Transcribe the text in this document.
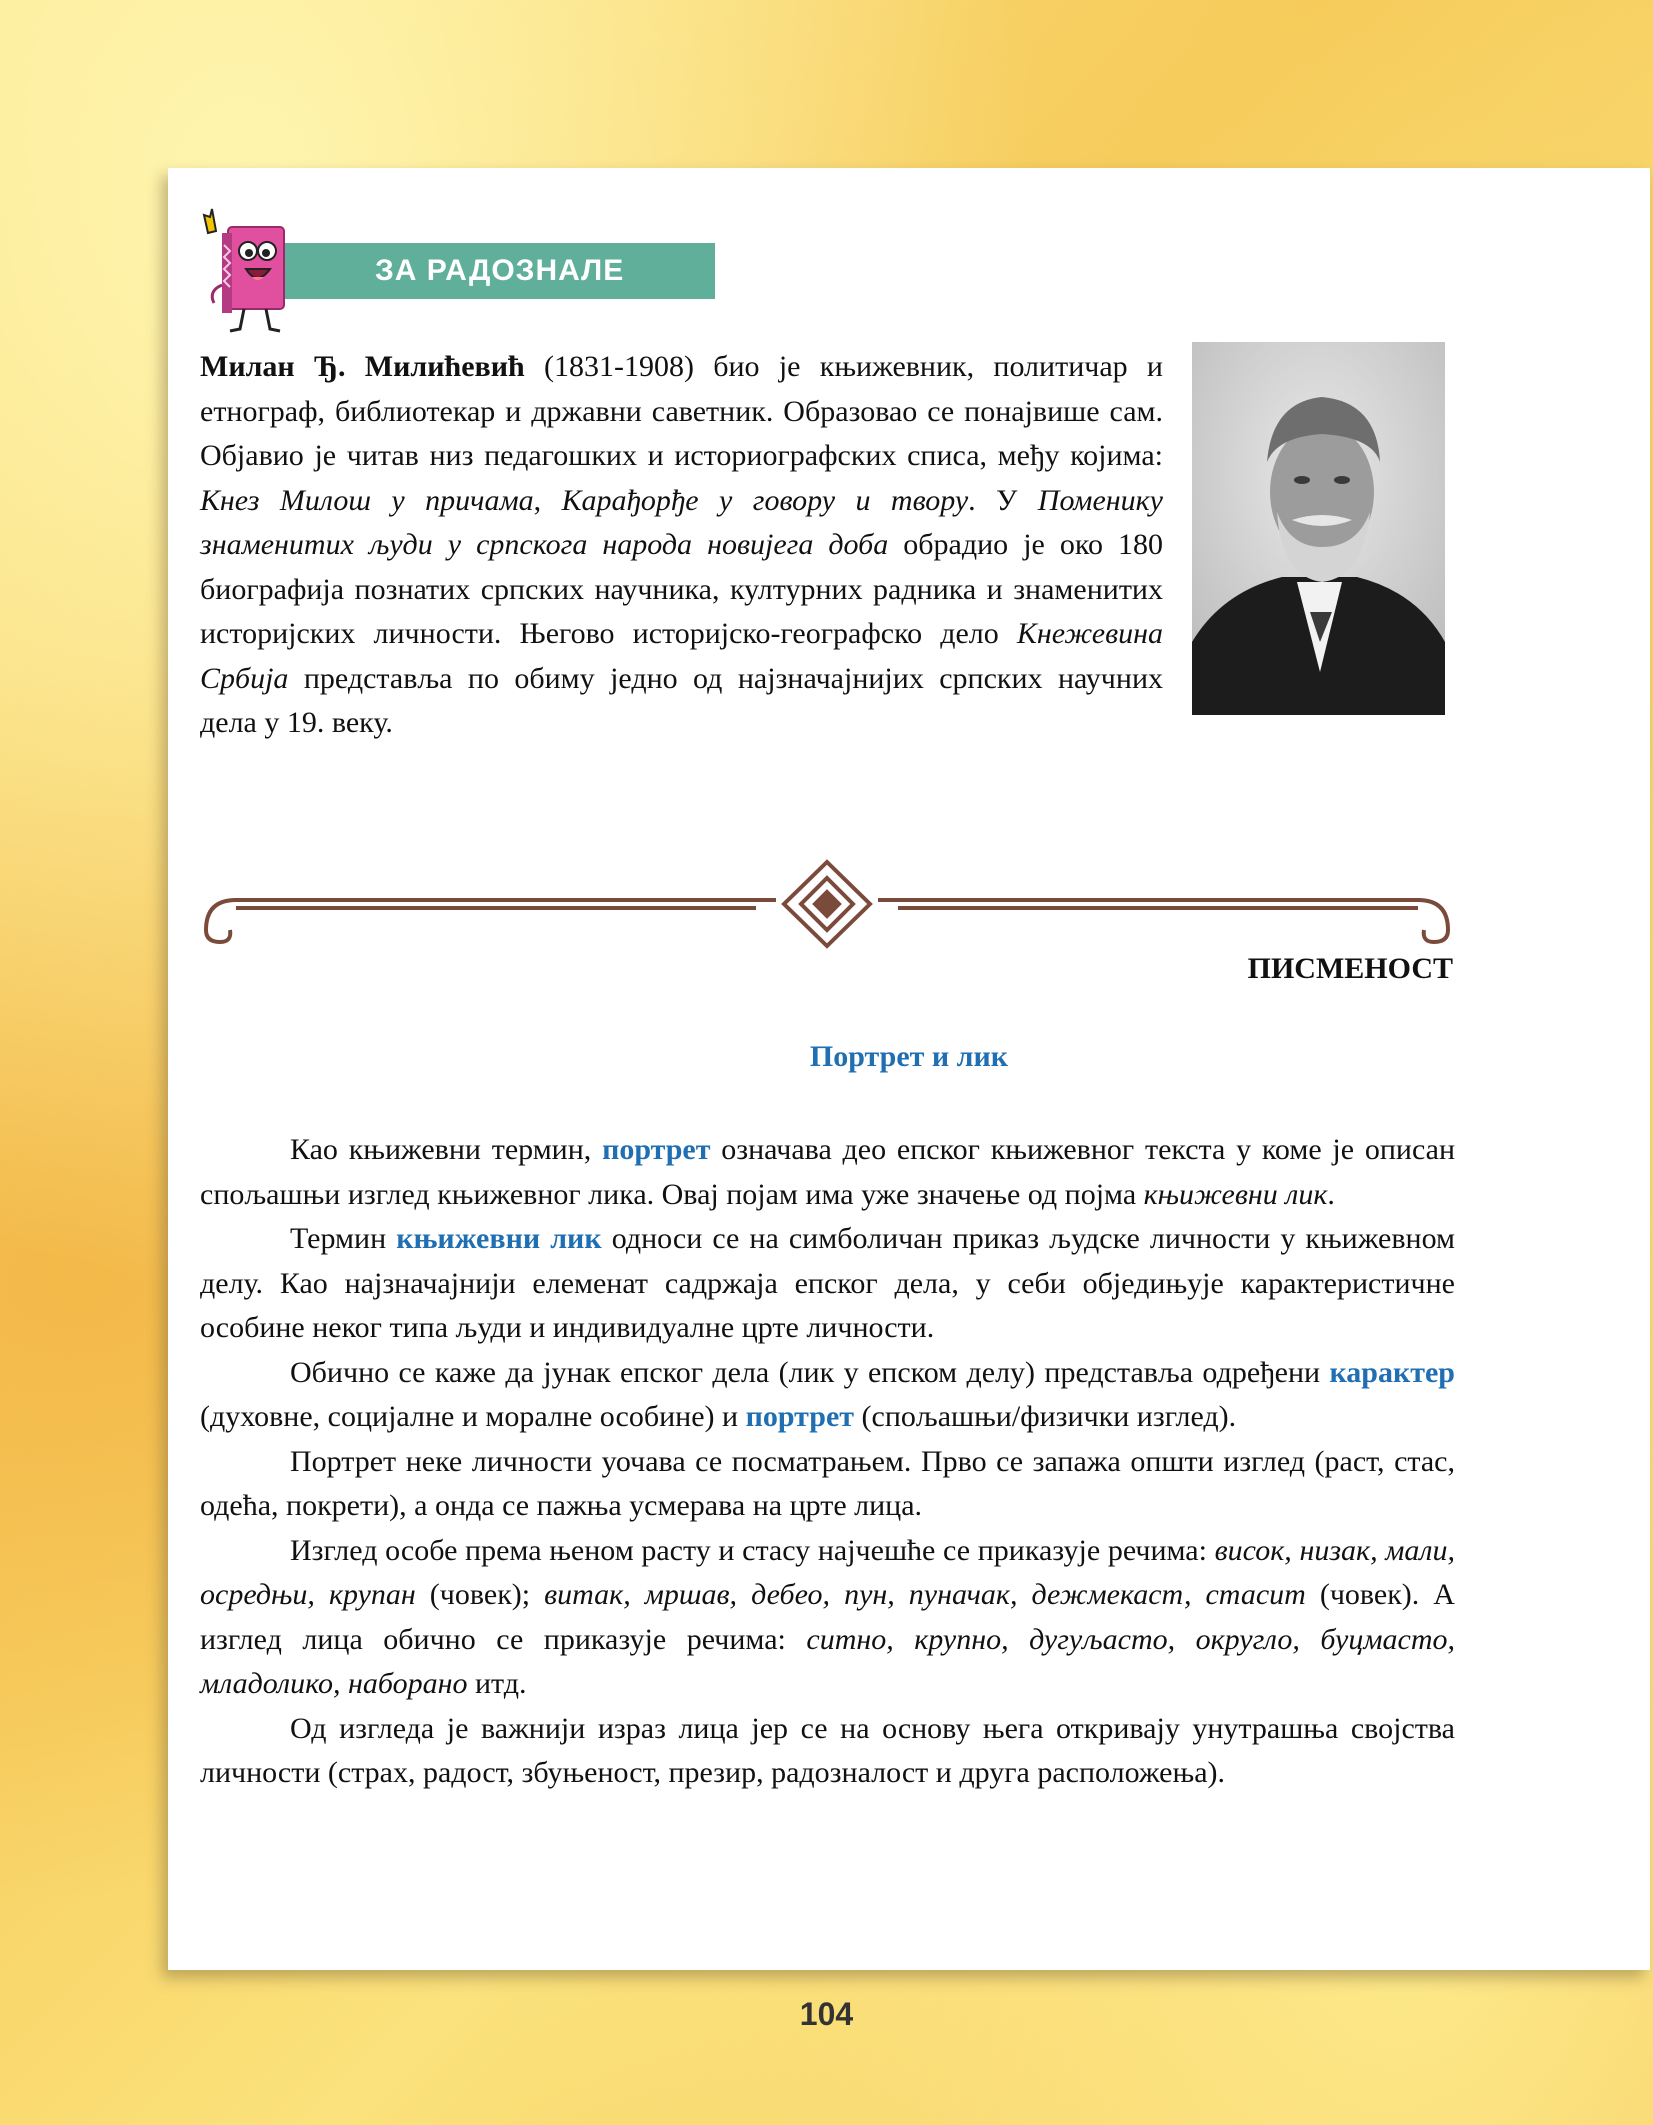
ЗА РАДОЗНАЛЕ

Милан Ђ. Милићевић (1831-1908) био је књижевник, политичар и етнограф, библиотекар и државни саветник. Образовао се понајвише сам. Објавио је читав низ педагошких и историографских списа, међу којима: Кнез Милош у причама, Карађорђе у говору и твору. У Поменику знаменитих људи у српскога народа новијега доба обрадио је око 180 биографија познатих српских научника, културних радника и знаменитих историјских личности. Његово историјско-географско дело Кнежевина Србија представља по обиму једно од најзначајнијих српских научних дела у 19. веку.

ПИСМЕНОСТ
Портрет и лик

Као књижевни термин, портрет означава део епског књижевног текста у коме је описан спољашњи изглед књижевног лика. Овај појам има уже значење од појма књижевни лик.

Термин књижевни лик односи се на симболичан приказ људске личности у књижевном делу. Као најзначајнији елеменат садржаја епског дела, у себи обједињује карактеристичне особине неког типа људи и индивидуалне црте личности.

Обично се каже да јунак епског дела (лик у епском делу) представља одређени карактер (духовне, социјалне и моралне особине) и портрет (спољашњи/физички изглед).

Портрет неке личности уочава се посматрањем. Прво се запажа општи изглед (раст, стас, одећа, покрети), а онда се пажња усмерава на црте лица.

Изглед особе према њеном расту и стасу најчешће се приказује речима: висок, низак, мали, осредњи, крупан (човек); витак, мршав, дебео, пун, пуначак, дежмекаст, стасит (човек). А изглед лица обично се приказује речима: ситно, крупно, дугуљасто, округло, буцмасто, младолико, наборано итд.

Од изгледа је важнији израз лица јер се на основу њега откривају унутрашња својства личности (страх, радост, збуњеност, презир, радозналост и друга расположења).

104
